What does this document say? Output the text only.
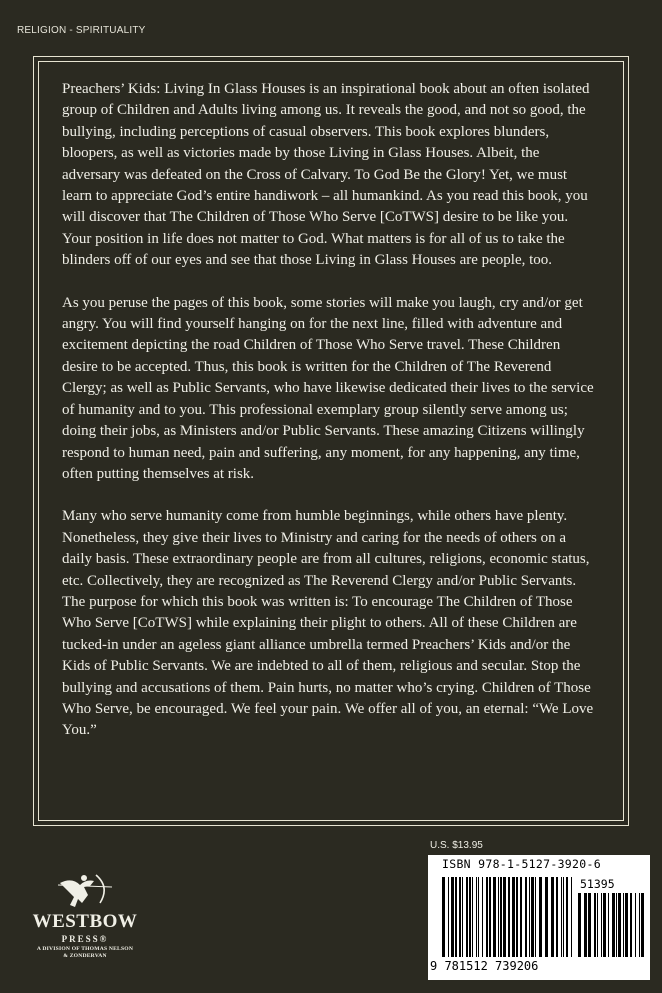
RELIGION - SPIRITUALITY

Preachers’ Kids: Living In Glass Houses is an inspirational book about an often isolated group of Children and Adults living among us. It reveals the good, and not so good, the bullying, including perceptions of casual observers. This book explores blunders, bloopers, as well as victories made by those Living in Glass Houses. Albeit, the adversary was defeated on the Cross of Calvary. To God Be the Glory! Yet, we must learn to appreciate God’s entire handiwork – all humankind. As you read this book, you will discover that The Children of Those Who Serve [CoTWS] desire to be like you. Your position in life does not matter to God. What matters is for all of us to take the blinders off of our eyes and see that those Living in Glass Houses are people, too.

As you peruse the pages of this book, some stories will make you laugh, cry and/or get angry. You will find yourself hanging on for the next line, filled with adventure and excitement depicting the road Children of Those Who Serve travel. These Children desire to be accepted. Thus, this book is written for the Children of The Reverend Clergy; as well as Public Servants, who have likewise dedicated their lives to the service of humanity and to you. This professional exemplary group silently serve among us; doing their jobs, as Ministers and/or Public Servants. These amazing Citizens willingly respond to human need, pain and suffering, any moment, for any happening, any time, often putting themselves at risk.

Many who serve humanity come from humble beginnings, while others have plenty. Nonetheless, they give their lives to Ministry and caring for the needs of others on a daily basis. These extraordinary people are from all cultures, religions, economic status, etc. Collectively, they are recognized as The Reverend Clergy and/or Public Servants. The purpose for which this book was written is: To encourage The Children of Those Who Serve [CoTWS] while explaining their plight to others. All of these Children are tucked-in under an ageless giant alliance umbrella termed Preachers’ Kids and/or the Kids of Public Servants. We are indebted to all of them, religious and secular. Stop the bullying and accusations of them. Pain hurts, no matter who’s crying. Children of Those Who Serve, be encouraged. We feel your pain. We offer all of you, an eternal: “We Love You.”

U.S. $13.95
ISBN 978-1-5127-3920-6
51395
9 781512 739206
WESTBOW
PRESS®
A DIVISION OF THOMAS NELSON
& ZONDERVAN
